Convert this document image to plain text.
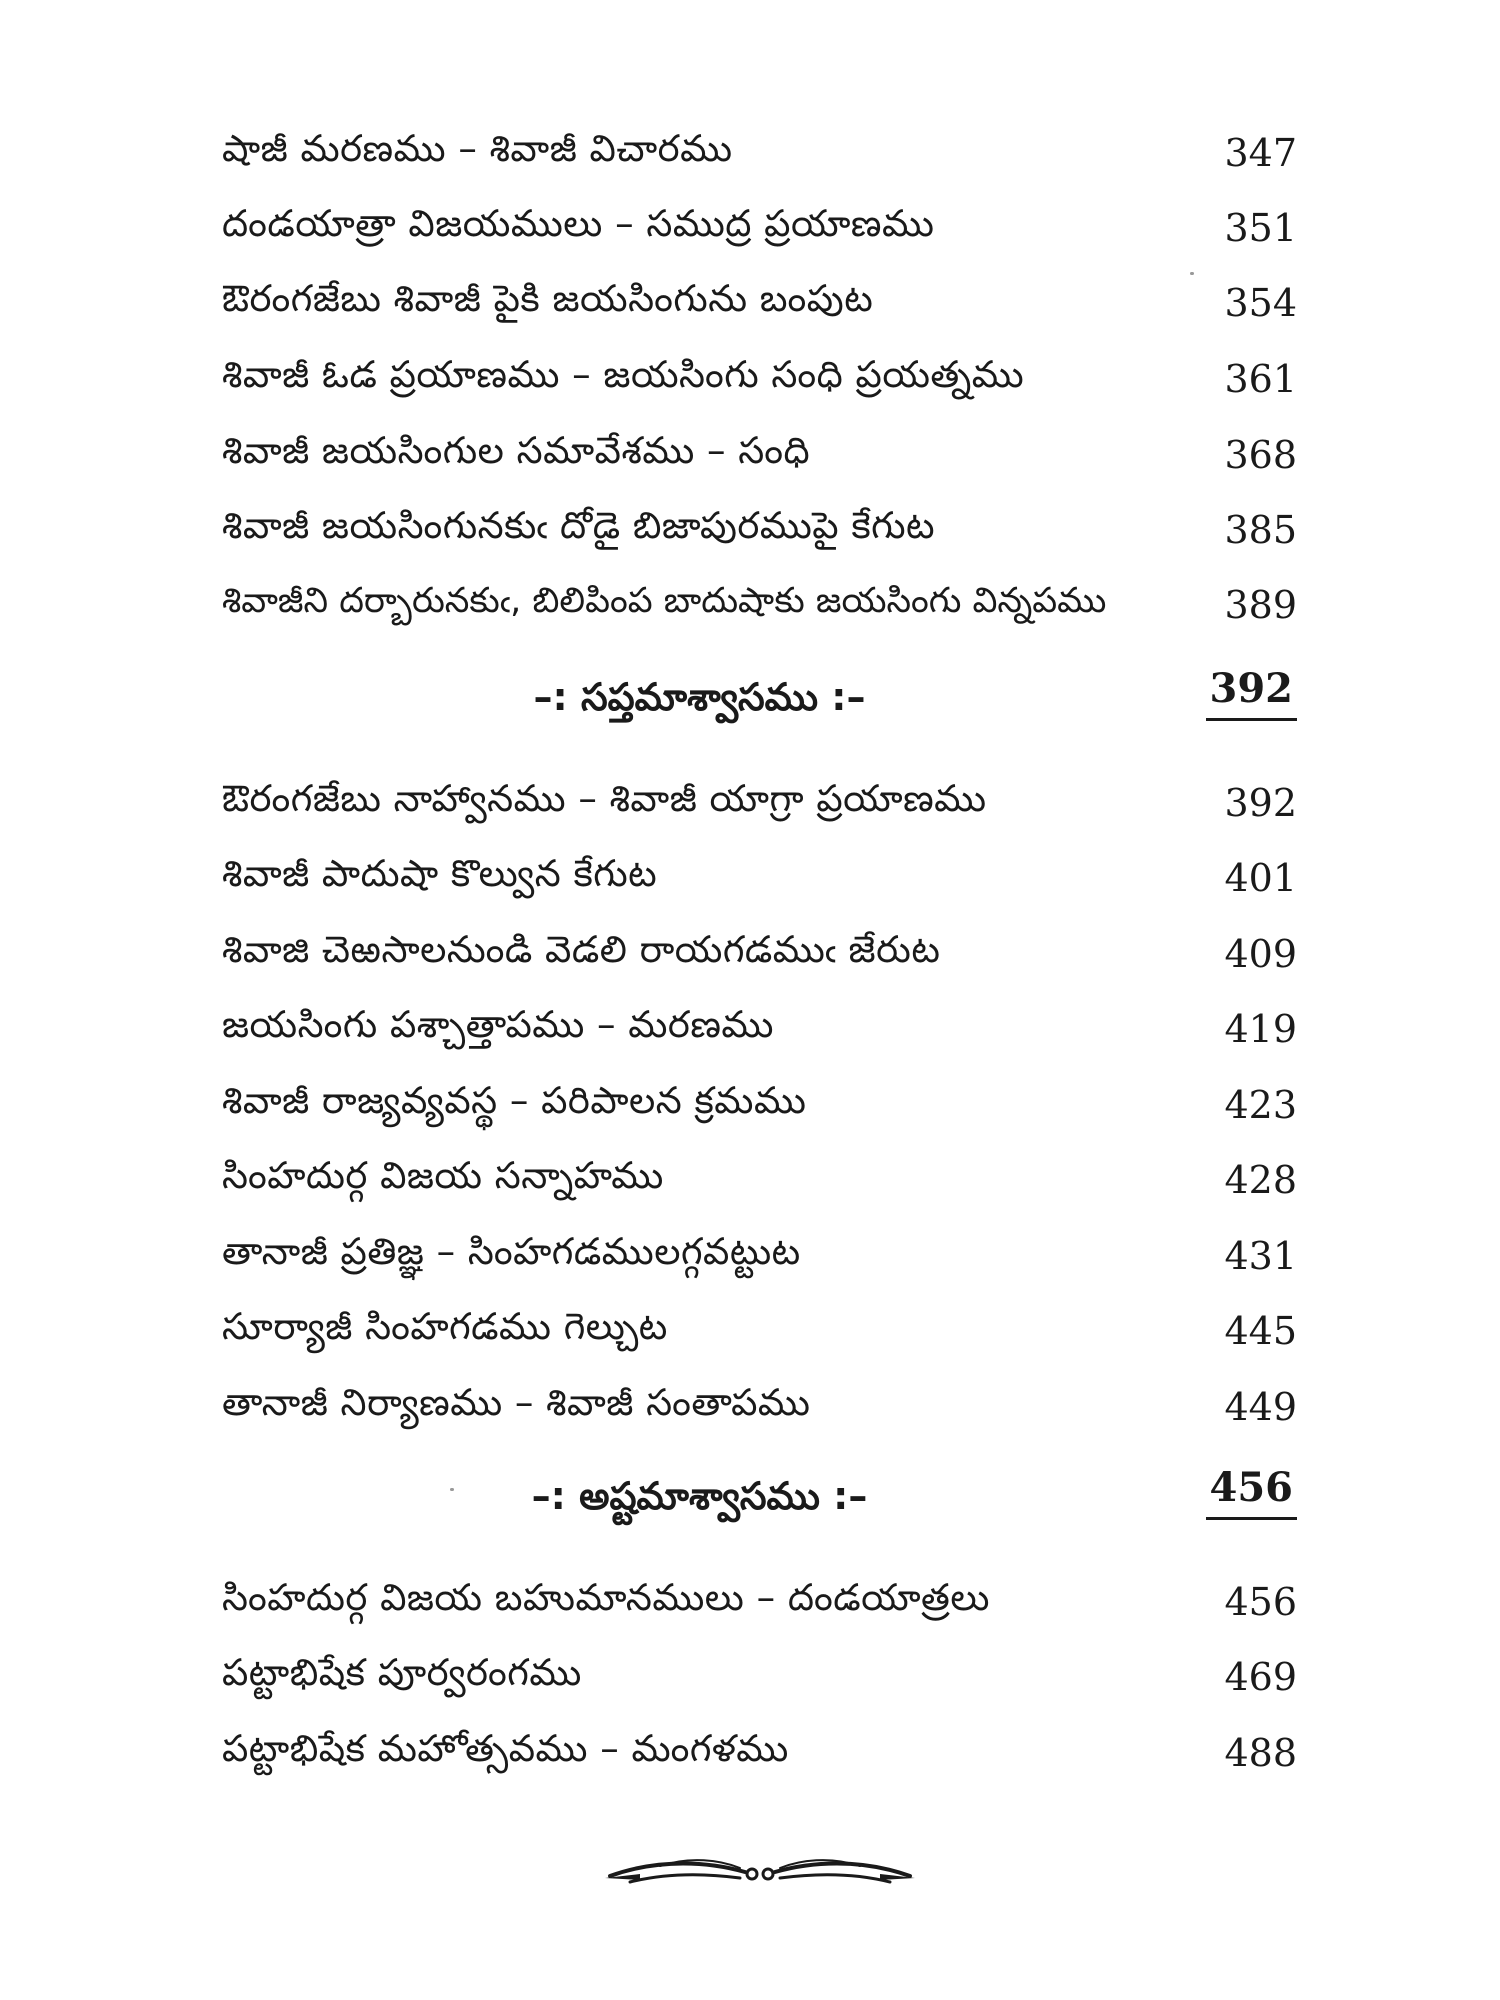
షాజీ మరణము – శివాజీ విచారము	347
దండయాత్రా విజయములు – సముద్ర ప్రయాణము	351
ఔరంగజేబు శివాజీ పైకి జయసింగును బంపుట	354
శివాజీ ఓడ ప్రయాణము – జయసింగు సంధి ప్రయత్నము	361
శివాజీ జయసింగుల సమావేశము – సంధి	368
శివాజీ జయసింగునకుఁ దోడై బిజాపురముపై కేగుట	385
శివాజీని దర్బారునకుఁ, బిలిపింప బాదుషాకు జయసింగు విన్నపము	389
–: సప్తమాశ్వాసము :–	392
ఔరంగజేబు నాహ్వానము – శివాజీ యాగ్రా ప్రయాణము	392
శివాజీ పాదుషా కొల్వున కేగుట	401
శివాజి చెఱసాలనుండి వెడలి రాయగడముఁ జేరుట	409
జయసింగు పశ్చాత్తాపము – మరణము	419
శివాజీ రాజ్యవ్యవస్థ – పరిపాలన క్రమము	423
సింహదుర్గ విజయ సన్నాహము	428
తానాజీ ప్రతిజ్ఞ – సింహగడములగ్గవట్టుట	431
సూర్యాజీ సింహగడము గెల్చుట	445
తానాజీ నిర్యాణము – శివాజీ సంతాపము	449
–: అష్టమాశ్వాసము :–	456
సింహదుర్గ విజయ బహుమానములు – దండయాత్రలు	456
పట్టాభిషేక పూర్వరంగము	469
పట్టాభిషేక మహోత్సవము – మంగళము	488
